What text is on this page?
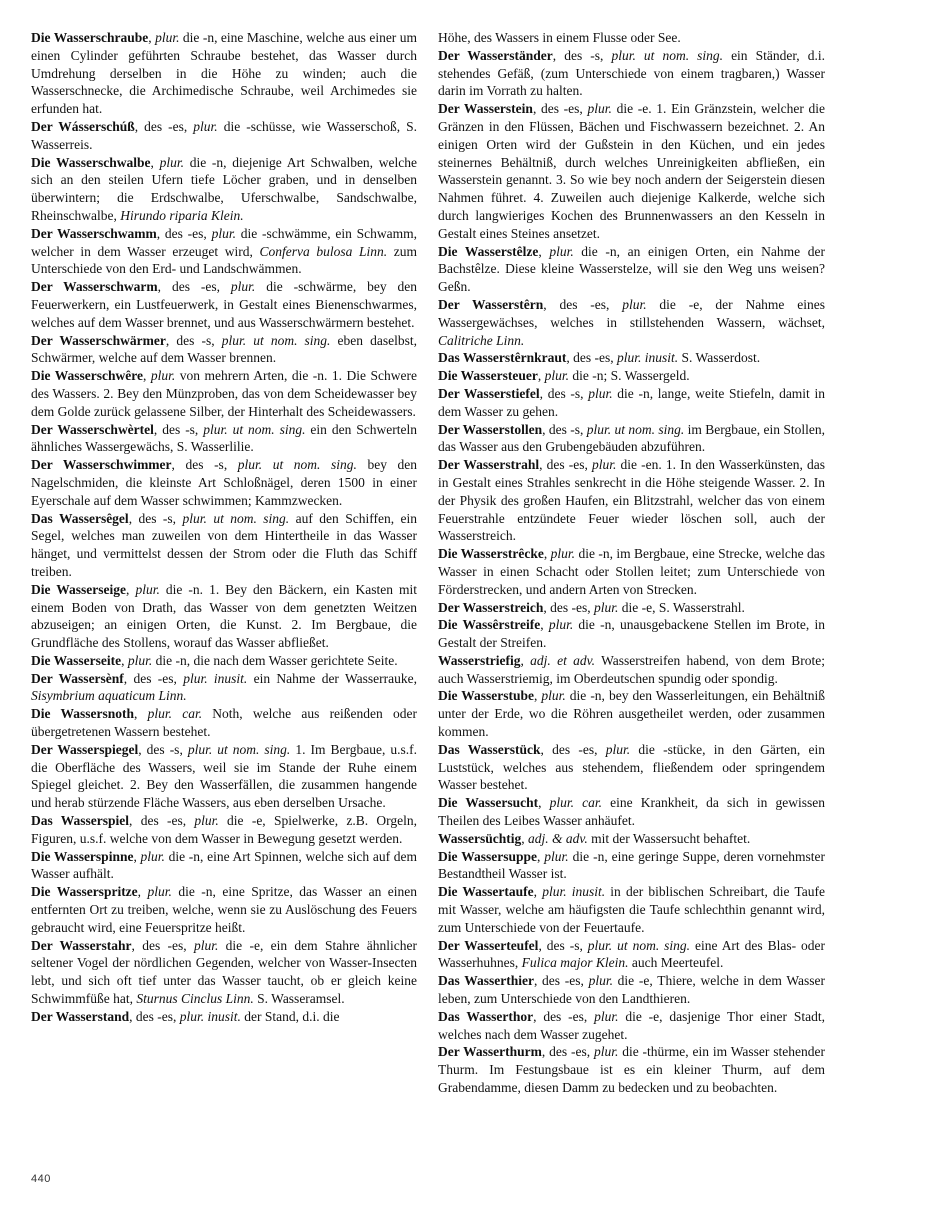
Die Wasserschraube, plur. die -n, eine Maschine, welche aus einer um einen Cylinder geführten Schraube bestehet, das Wasser durch Umdrehung derselben in die Höhe zu winden; auch die Wasserschnecke, die Archimedische Schraube, weil Archimedes sie erfunden hat.

Der Wásserschúß, des -es, plur. die -schüsse, wie Wasserschoß, S. Wasserreis.

Die Wasserschwalbe, plur. die -n, diejenige Art Schwalben, welche sich an den steilen Ufern tiefe Löcher graben, und in denselben überwintern; die Erdschwalbe, Uferschwalbe, Sandschwalbe, Rheinschwalbe, Hirundo riparia Klein.

Der Wasserschwamm, des -es, plur. die -schwämme, ein Schwamm, welcher in dem Wasser erzeuget wird, Conferva bulosa Linn. zum Unterschiede von den Erd- und Landschwämmen.

Der Wasserschwarm, des -es, plur. die -schwärme, bey den Feuerwerkern, ein Lustfeuerwerk, in Gestalt eines Bienenschwarmes, welches auf dem Wasser brennet, und aus Wasserschwärmern bestehet.

Der Wasserschwärmer, des -s, plur. ut nom. sing. eben daselbst, Schwärmer, welche auf dem Wasser brennen.

Die Wasserschwêre, plur. von mehrern Arten, die -n. 1. Die Schwere des Wassers. 2. Bey den Münzproben, das von dem Scheidewasser bey dem Golde zurück gelassene Silber, der Hinterhalt des Scheidewassers.

Der Wasserschwèrtel, des -s, plur. ut nom. sing. ein den Schwerteln ähnliches Wassergewächs, S. Wasserlilie.

Der Wasserschwimmer, des -s, plur. ut nom. sing. bey den Nagelschmiden, die kleinste Art Schloßnägel, deren 1500 in einer Eyerschale auf dem Wasser schwimmen; Kammzwecken.

Das Wassersêgel, des -s, plur. ut nom. sing. auf den Schiffen, ein Segel, welches man zuweilen von dem Hintertheile in das Wasser hänget, und vermittelst dessen der Strom oder die Fluth das Schiff treiben.

Die Wasserseige, plur. die -n. 1. Bey den Bäckern, ein Kasten mit einem Boden von Drath, das Wasser von dem genetzten Weitzen abzuseigen; an einigen Orten, die Kunst. 2. Im Bergbaue, die Grundfläche des Stollens, worauf das Wasser abfließet.

Die Wasserseite, plur. die -n, die nach dem Wasser gerichtete Seite.

Der Wassersènf, des -es, plur. inusit. ein Nahme der Wasserrauke, Sisymbrium aquaticum Linn.

Die Wassersnoth, plur. car. Noth, welche aus reißenden oder übergetretenen Wassern bestehet.

Der Wasserspiegel, des -s, plur. ut nom. sing. 1. Im Bergbaue, u.s.f. die Oberfläche des Wassers, weil sie im Stande der Ruhe einem Spiegel gleichet. 2. Bey den Wasserfällen, die zusammen hangende und herab stürzende Fläche Wassers, aus eben derselben Ursache.

Das Wasserspiel, des -es, plur. die -e, Spielwerke, z.B. Orgeln, Figuren, u.s.f. welche von dem Wasser in Bewegung gesetzt werden.

Die Wasserspinne, plur. die -n, eine Art Spinnen, welche sich auf dem Wasser aufhält.

Die Wasserspritze, plur. die -n, eine Spritze, das Wasser an einen entfernten Ort zu treiben, welche, wenn sie zu Auslöschung des Feuers gebraucht wird, eine Feuerspritze heißt.

Der Wasserstahr, des -es, plur. die -e, ein dem Stahre ähnlicher seltener Vogel der nördlichen Gegenden, welcher von Wasser-Insecten lebt, und sich oft tief unter das Wasser taucht, ob er gleich keine Schwimmfüße hat, Sturnus Cinclus Linn. S. Wasseramsel.

Der Wasserstand, des -es, plur. inusit. der Stand, d.i. die

Höhe, des Wassers in einem Flusse oder See.

Der Wasserständer, des -s, plur. ut nom. sing. ein Ständer, d.i. stehendes Gefäß, (zum Unterschiede von einem tragbaren,) Wasser darin im Vorrath zu halten.

Der Wasserstein, des -es, plur. die -e. 1. Ein Gränzstein, welcher die Gränzen in den Flüssen, Bächen und Fischwassern bezeichnet. 2. An einigen Orten wird der Gußstein in den Küchen, und ein jedes steinernes Behältniß, durch welches Unreinigkeiten abfließen, ein Wasserstein genannt. 3. So wie bey noch andern der Seigerstein diesen Nahmen führet. 4. Zuweilen auch diejenige Kalkerde, welche sich durch langwieriges Kochen des Brunnenwassers an den Kesseln in Gestalt eines Steines ansetzet.

Die Wasserstêlze, plur. die -n, an einigen Orten, ein Nahme der Bachstêlze. Diese kleine Wasserstelze, will sie den Weg uns weisen? Geßn.

Der Wasserstêrn, des -es, plur. die -e, der Nahme eines Wassergewächses, welches in stillstehenden Wassern, wächset, Calitriche Linn.

Das Wasserstêrnkraut, des -es, plur. inusit. S. Wasserdost.

Die Wassersteuer, plur. die -n; S. Wassergeld.

Der Wasserstiefel, des -s, plur. die -n, lange, weite Stiefeln, damit in dem Wasser zu gehen.

Der Wasserstollen, des -s, plur. ut nom. sing. im Bergbaue, ein Stollen, das Wasser aus den Grubengebäuden abzuführen.

Der Wasserstrahl, des -es, plur. die -en. 1. In den Wasserkünsten, das in Gestalt eines Strahles senkrecht in die Höhe steigende Wasser. 2. In der Physik des großen Haufen, ein Blitzstrahl, welcher das von einem Feuerstrahle entzündete Feuer wieder löschen soll, auch der Wasserstreich.

Die Wasserstrêcke, plur. die -n, im Bergbaue, eine Strecke, welche das Wasser in einen Schacht oder Stollen leitet; zum Unterschiede von Förderstrecken, und andern Arten von Strecken.

Der Wasserstreich, des -es, plur. die -e, S. Wasserstrahl.

Die Wassêrstreife, plur. die -n, unausgebackene Stellen im Brote, in Gestalt der Streifen.

Wasserstriefig, adj. et adv. Wasserstreifen habend, von dem Brote; auch Wasserstriemig, im Oberdeutschen spundig oder spondig.

Die Wasserstube, plur. die -n, bey den Wasserleitungen, ein Behältniß unter der Erde, wo die Röhren ausgetheilet werden, oder zusammen kommen.

Das Wasserstück, des -es, plur. die -stücke, in den Gärten, ein Luststück, welches aus stehendem, fließendem oder springendem Wasser bestehet.

Die Wassersucht, plur. car. eine Krankheit, da sich in gewissen Theilen des Leibes Wasser anhäufet.

Wassersüchtig, adj. & adv. mit der Wassersucht behaftet.

Die Wassersuppe, plur. die -n, eine geringe Suppe, deren vornehmster Bestandtheil Wasser ist.

Die Wassertaufe, plur. inusit. in der biblischen Schreibart, die Taufe mit Wasser, welche am häufigsten die Taufe schlechthin genannt wird, zum Unterschiede von der Feuertaufe.

Der Wasserteufel, des -s, plur. ut nom. sing. eine Art des Blas- oder Wasserhuhnes, Fulica major Klein. auch Meerteufel.

Das Wasserthier, des -es, plur. die -e, Thiere, welche in dem Wasser leben, zum Unterschiede von den Landthieren.

Das Wasserthor, des -es, plur. die -e, dasjenige Thor einer Stadt, welches nach dem Wasser zugehet.

Der Wasserthurm, des -es, plur. die -thürme, ein im Wasser stehender Thurm. Im Festungsbaue ist es ein kleiner Thurm, auf dem Grabendamme, diesen Damm zu bedecken und zu beobachten.

440
